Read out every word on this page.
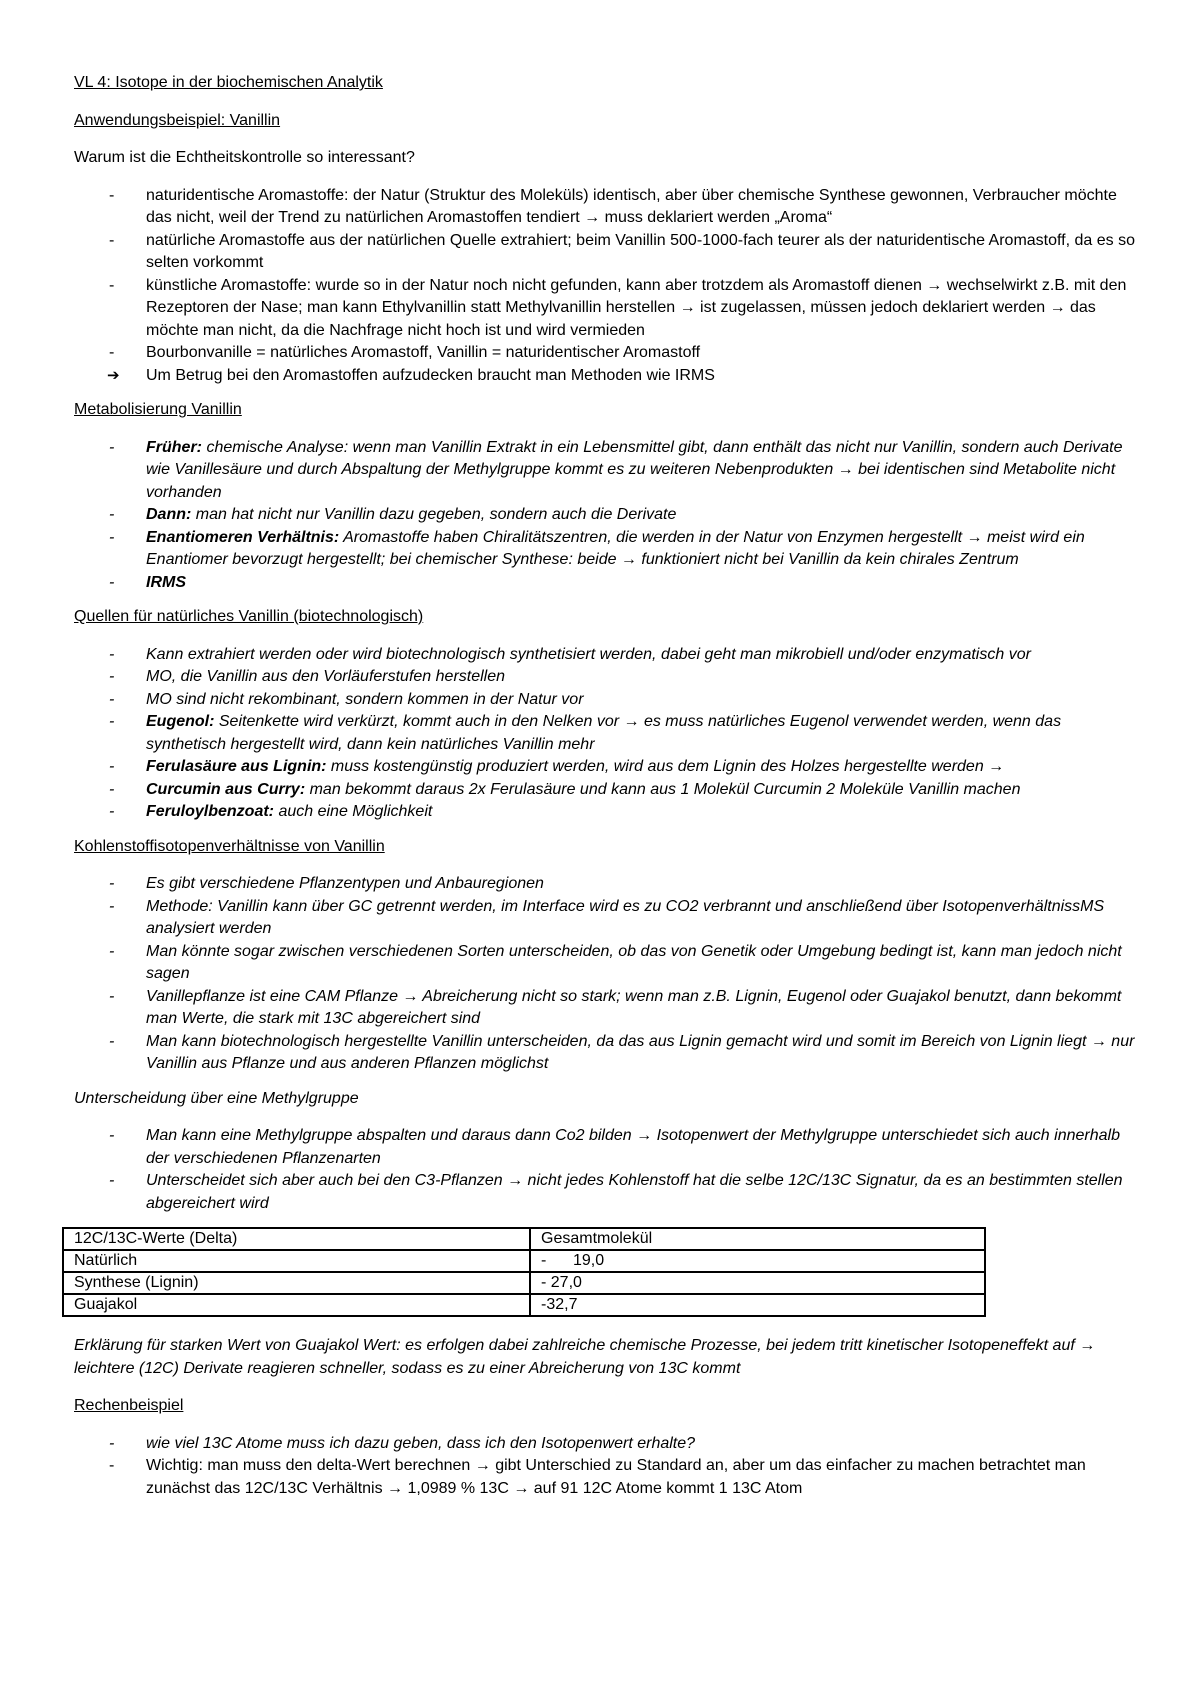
VL 4: Isotope in der biochemischen Analytik
Anwendungsbeispiel: Vanillin
Warum ist die Echtheitskontrolle so interessant?
-	naturidentische Aromastoffe: der Natur (Struktur des Moleküls) identisch, aber über chemische Synthese gewonnen, Verbraucher möchte das nicht, weil der Trend zu natürlichen Aromastoffen tendiert → muss deklariert werden „Aroma“
-	natürliche Aromastoffe aus der natürlichen Quelle extrahiert; beim Vanillin 500-1000-fach teurer als der naturidentische Aromastoff, da es so selten vorkommt
-	künstliche Aromastoffe: wurde so in der Natur noch nicht gefunden, kann aber trotzdem als Aromastoff dienen → wechselwirkt z.B. mit den Rezeptoren der Nase; man kann Ethylvanillin statt Methylvanillin herstellen → ist zugelassen, müssen jedoch deklariert werden → das möchte man nicht, da die Nachfrage nicht hoch ist und wird vermieden
-	Bourbonvanille = natürliches Aromastoff, Vanillin = naturidentischer Aromastoff
➔	Um Betrug bei den Aromastoffen aufzudecken braucht man Methoden wie IRMS
Metabolisierung Vanillin
-	Früher: chemische Analyse: wenn man Vanillin Extrakt in ein Lebensmittel gibt, dann enthält das nicht nur Vanillin, sondern auch Derivate wie Vanillesäure und durch Abspaltung der Methylgruppe kommt es zu weiteren Nebenprodukten → bei identischen sind Metabolite nicht vorhanden
-	Dann: man hat nicht nur Vanillin dazu gegeben, sondern auch die Derivate
-	Enantiomeren Verhältnis: Aromastoffe haben Chiralitätszentren, die werden in der Natur von Enzymen hergestellt → meist wird ein Enantiomer bevorzugt hergestellt; bei chemischer Synthese: beide → funktioniert nicht bei Vanillin da kein chirales Zentrum
-	IRMS
Quellen für natürliches Vanillin (biotechnologisch)
-	Kann extrahiert werden oder wird biotechnologisch synthetisiert werden, dabei geht man mikrobiell und/oder enzymatisch vor
-	MO, die Vanillin aus den Vorläuferstufen herstellen
-	MO sind nicht rekombinant, sondern kommen in der Natur vor
-	Eugenol: Seitenkette wird verkürzt, kommt auch in den Nelken vor → es muss natürliches Eugenol verwendet werden, wenn das synthetisch hergestellt wird, dann kein natürliches Vanillin mehr
-	Ferulasäure aus Lignin: muss kostengünstig produziert werden, wird aus dem Lignin des Holzes hergestellte werden →
-	Curcumin aus Curry: man bekommt daraus 2x Ferulasäure und kann aus 1 Molekül Curcumin 2 Moleküle Vanillin machen
-	Feruloylbenzoat: auch eine Möglichkeit
Kohlenstoffisotopenverhältnisse von Vanillin
-	Es gibt verschiedene Pflanzentypen und Anbauregionen
-	Methode: Vanillin kann über GC getrennt werden, im Interface wird es zu CO2 verbrannt und anschließend über IsotopenverhältnissMS analysiert werden
-	Man könnte sogar zwischen verschiedenen Sorten unterscheiden, ob das von Genetik oder Umgebung bedingt ist, kann man jedoch nicht sagen
-	Vanillepflanze ist eine CAM Pflanze → Abreicherung nicht so stark; wenn man z.B. Lignin, Eugenol oder Guajakol benutzt, dann bekommt man Werte, die stark mit 13C abgereichert sind
-	Man kann biotechnologisch hergestellte Vanillin unterscheiden, da das aus Lignin gemacht wird und somit im Bereich von Lignin liegt → nur Vanillin aus Pflanze und aus anderen Pflanzen möglichst
Unterscheidung über eine Methylgruppe
-	Man kann eine Methylgruppe abspalten und daraus dann Co2 bilden → Isotopenwert der Methylgruppe unterschiedet sich auch innerhalb der verschiedenen Pflanzenarten
-	Unterscheidet sich aber auch bei den C3-Pflanzen → nicht jedes Kohlenstoff hat die selbe 12C/13C Signatur, da es an bestimmten stellen abgereichert wird
12C/13C-Werte (Delta)	Gesamtmolekül
Natürlich	-      19,0
Synthese (Lignin)	- 27,0
Guajakol	-32,7
Erklärung für starken Wert von Guajakol Wert: es erfolgen dabei zahlreiche chemische Prozesse, bei jedem tritt kinetischer Isotopeneffekt auf → leichtere (12C) Derivate reagieren schneller, sodass es zu einer Abreicherung von 13C kommt
Rechenbeispiel
-	wie viel 13C Atome muss ich dazu geben, dass ich den Isotopenwert erhalte?
-	Wichtig: man muss den delta-Wert berechnen → gibt Unterschied zu Standard an, aber um das einfacher zu machen betrachtet man zunächst das 12C/13C Verhältnis → 1,0989 % 13C → auf 91 12C Atome kommt 1 13C Atom
